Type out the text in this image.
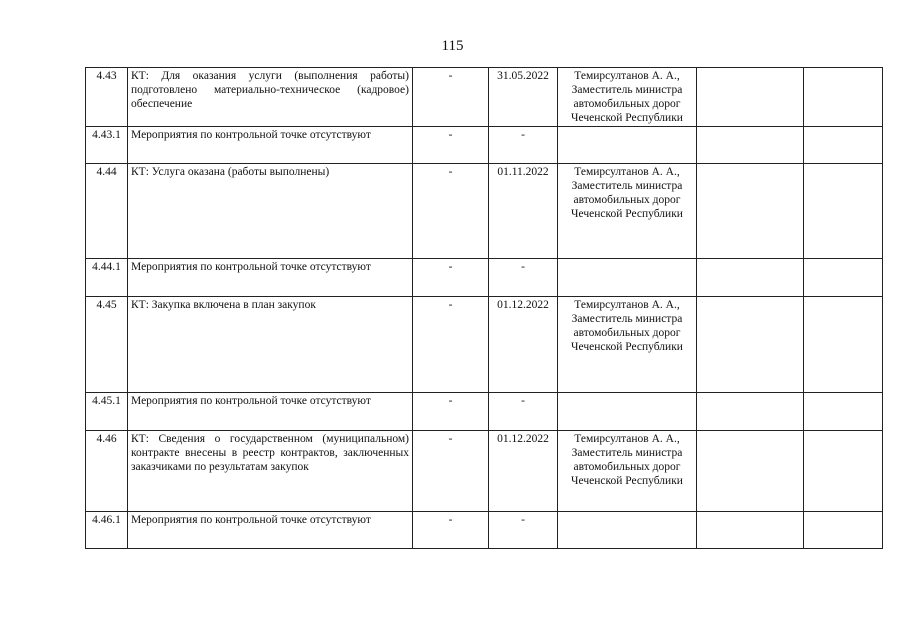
115
4.43	КТ: Для оказания услуги (выполнения работы) подготовлено материально-техническое (кадровое) обеспечение	-	31.05.2022	Темирсултанов А. А.,
Заместитель министра
автомобильных дорог
Чеченской Республики		

4.43.1	Мероприятия по контрольной точке отсутствуют	-	-			
4.44	КТ: Услуга оказана (работы выполнены)	-	01.11.2022	Темирсултанов А. А.,
Заместитель министра
автомобильных дорог
Чеченской Республики		

4.44.1	Мероприятия по контрольной точке отсутствуют	-	-			
4.45	КТ: Закупка включена в план закупок	-	01.12.2022	Темирсултанов А. А.,
Заместитель министра
автомобильных дорог
Чеченской Республики		

4.45.1	Мероприятия по контрольной точке отсутствуют	-	-			
4.46	КТ: Сведения о государственном (муниципальном) контракте внесены в реестр контрактов, заключенных заказчиками по результатам закупок	-	01.12.2022	Темирсултанов А. А.,
Заместитель министра
автомобильных дорог
Чеченской Республики		

4.46.1	Мероприятия по контрольной точке отсутствуют	-	-			
